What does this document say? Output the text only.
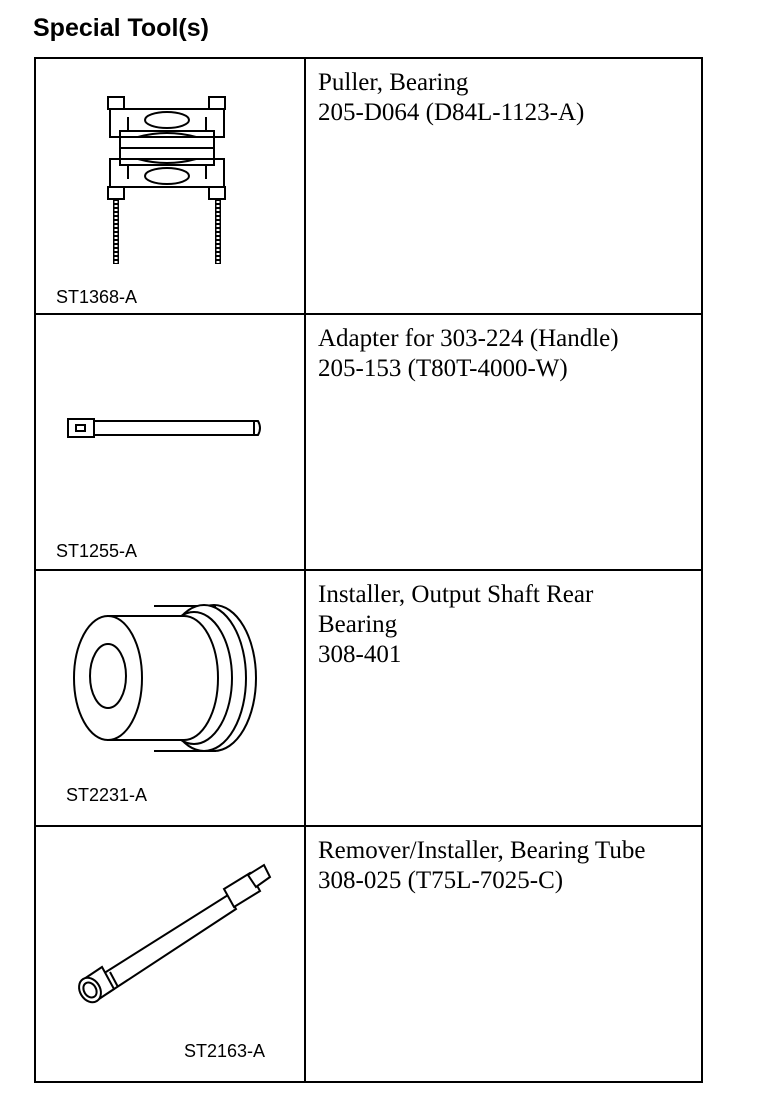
Special Tool(s)
ST1368-A	Puller, Bearing
205-D064 (D84L-1123-A)

ST1255-A	Adapter for 303-224 (Handle)
205-153 (T80T-4000-W)

ST2231-A	Installer, Output Shaft Rear
Bearing
308-401

ST2163-A	Remover/Installer, Bearing Tube
308-025 (T75L-7025-C)
